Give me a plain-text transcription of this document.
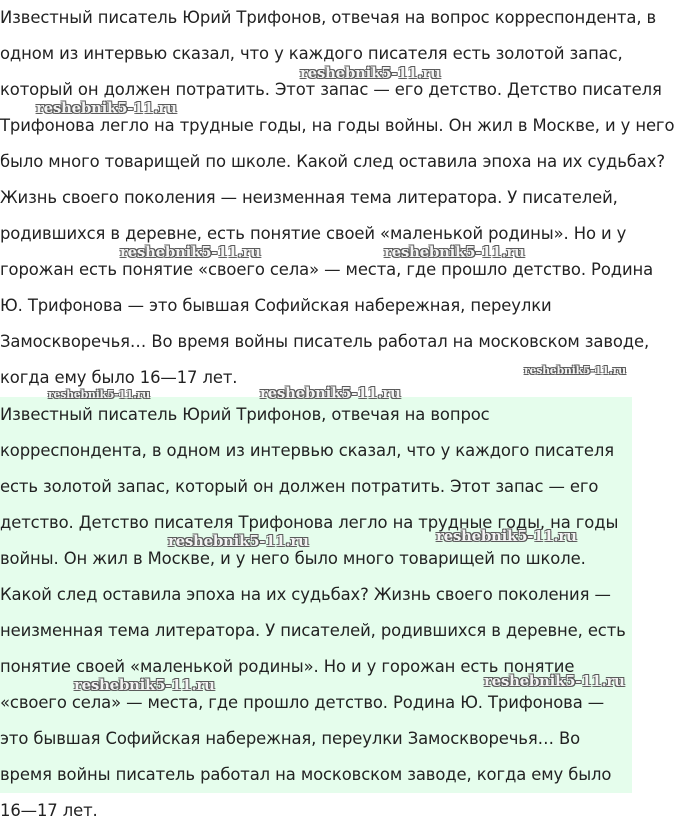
Известный писатель Юрий Трифонов, отвечая на вопрос корреспондента, в одном из интервью сказал, что у каждого писателя есть золотой запас, который он должен потратить. Этот запас — его детство. Детство писателя Трифонова легло на трудные годы, на годы войны. Он жил в Москве, и у него было много товарищей по школе. Какой след оставила эпоха на их судьбах? Жизнь своего поколения — неизменная тема литератора. У писателей, родившихся в деревне, есть понятие своей «маленькой родины». Но и у горожан есть понятие «своего села» — места, где прошло детство. Родина Ю. Трифонова — это бывшая Софийская набережная, переулки Замоскворечья… Во время войны писатель работал на московском заводе, когда ему было 16—17 лет.

Известный писатель Юрий Трифонов, отвечая на вопрос корреспондента, в одном из интервью сказал, что у каждого писателя есть золотой запас, который он должен потратить. Этот запас — его детство. Детство писателя Трифонова легло на трудные годы, на годы войны. Он жил в Москве, и у него было много товарищей по школе. Какой след оставила эпоха на их судьбах? Жизнь своего поколения — неизменная тема литератора. У писателей, родившихся в деревне, есть понятие своей «маленькой родины». Но и у горожан есть понятие «своего села» — места, где прошло детство. Родина Ю. Трифонова — это бывшая Софийская набережная, переулки Замоскворечья… Во время войны писатель работал на московском заводе, когда ему было 16—17 лет.

reshebnik5-11.ru
reshebnik5-11.ru
reshebnik5-11.ru	reshebnik5-11.ru
reshebnik5-11.ru
reshebnik5-11.ru	reshebnik5-11.ru
reshebnik5-11.ru	reshebnik5-11.ru
reshebnik5-11.ru	reshebnik5-11.ru
